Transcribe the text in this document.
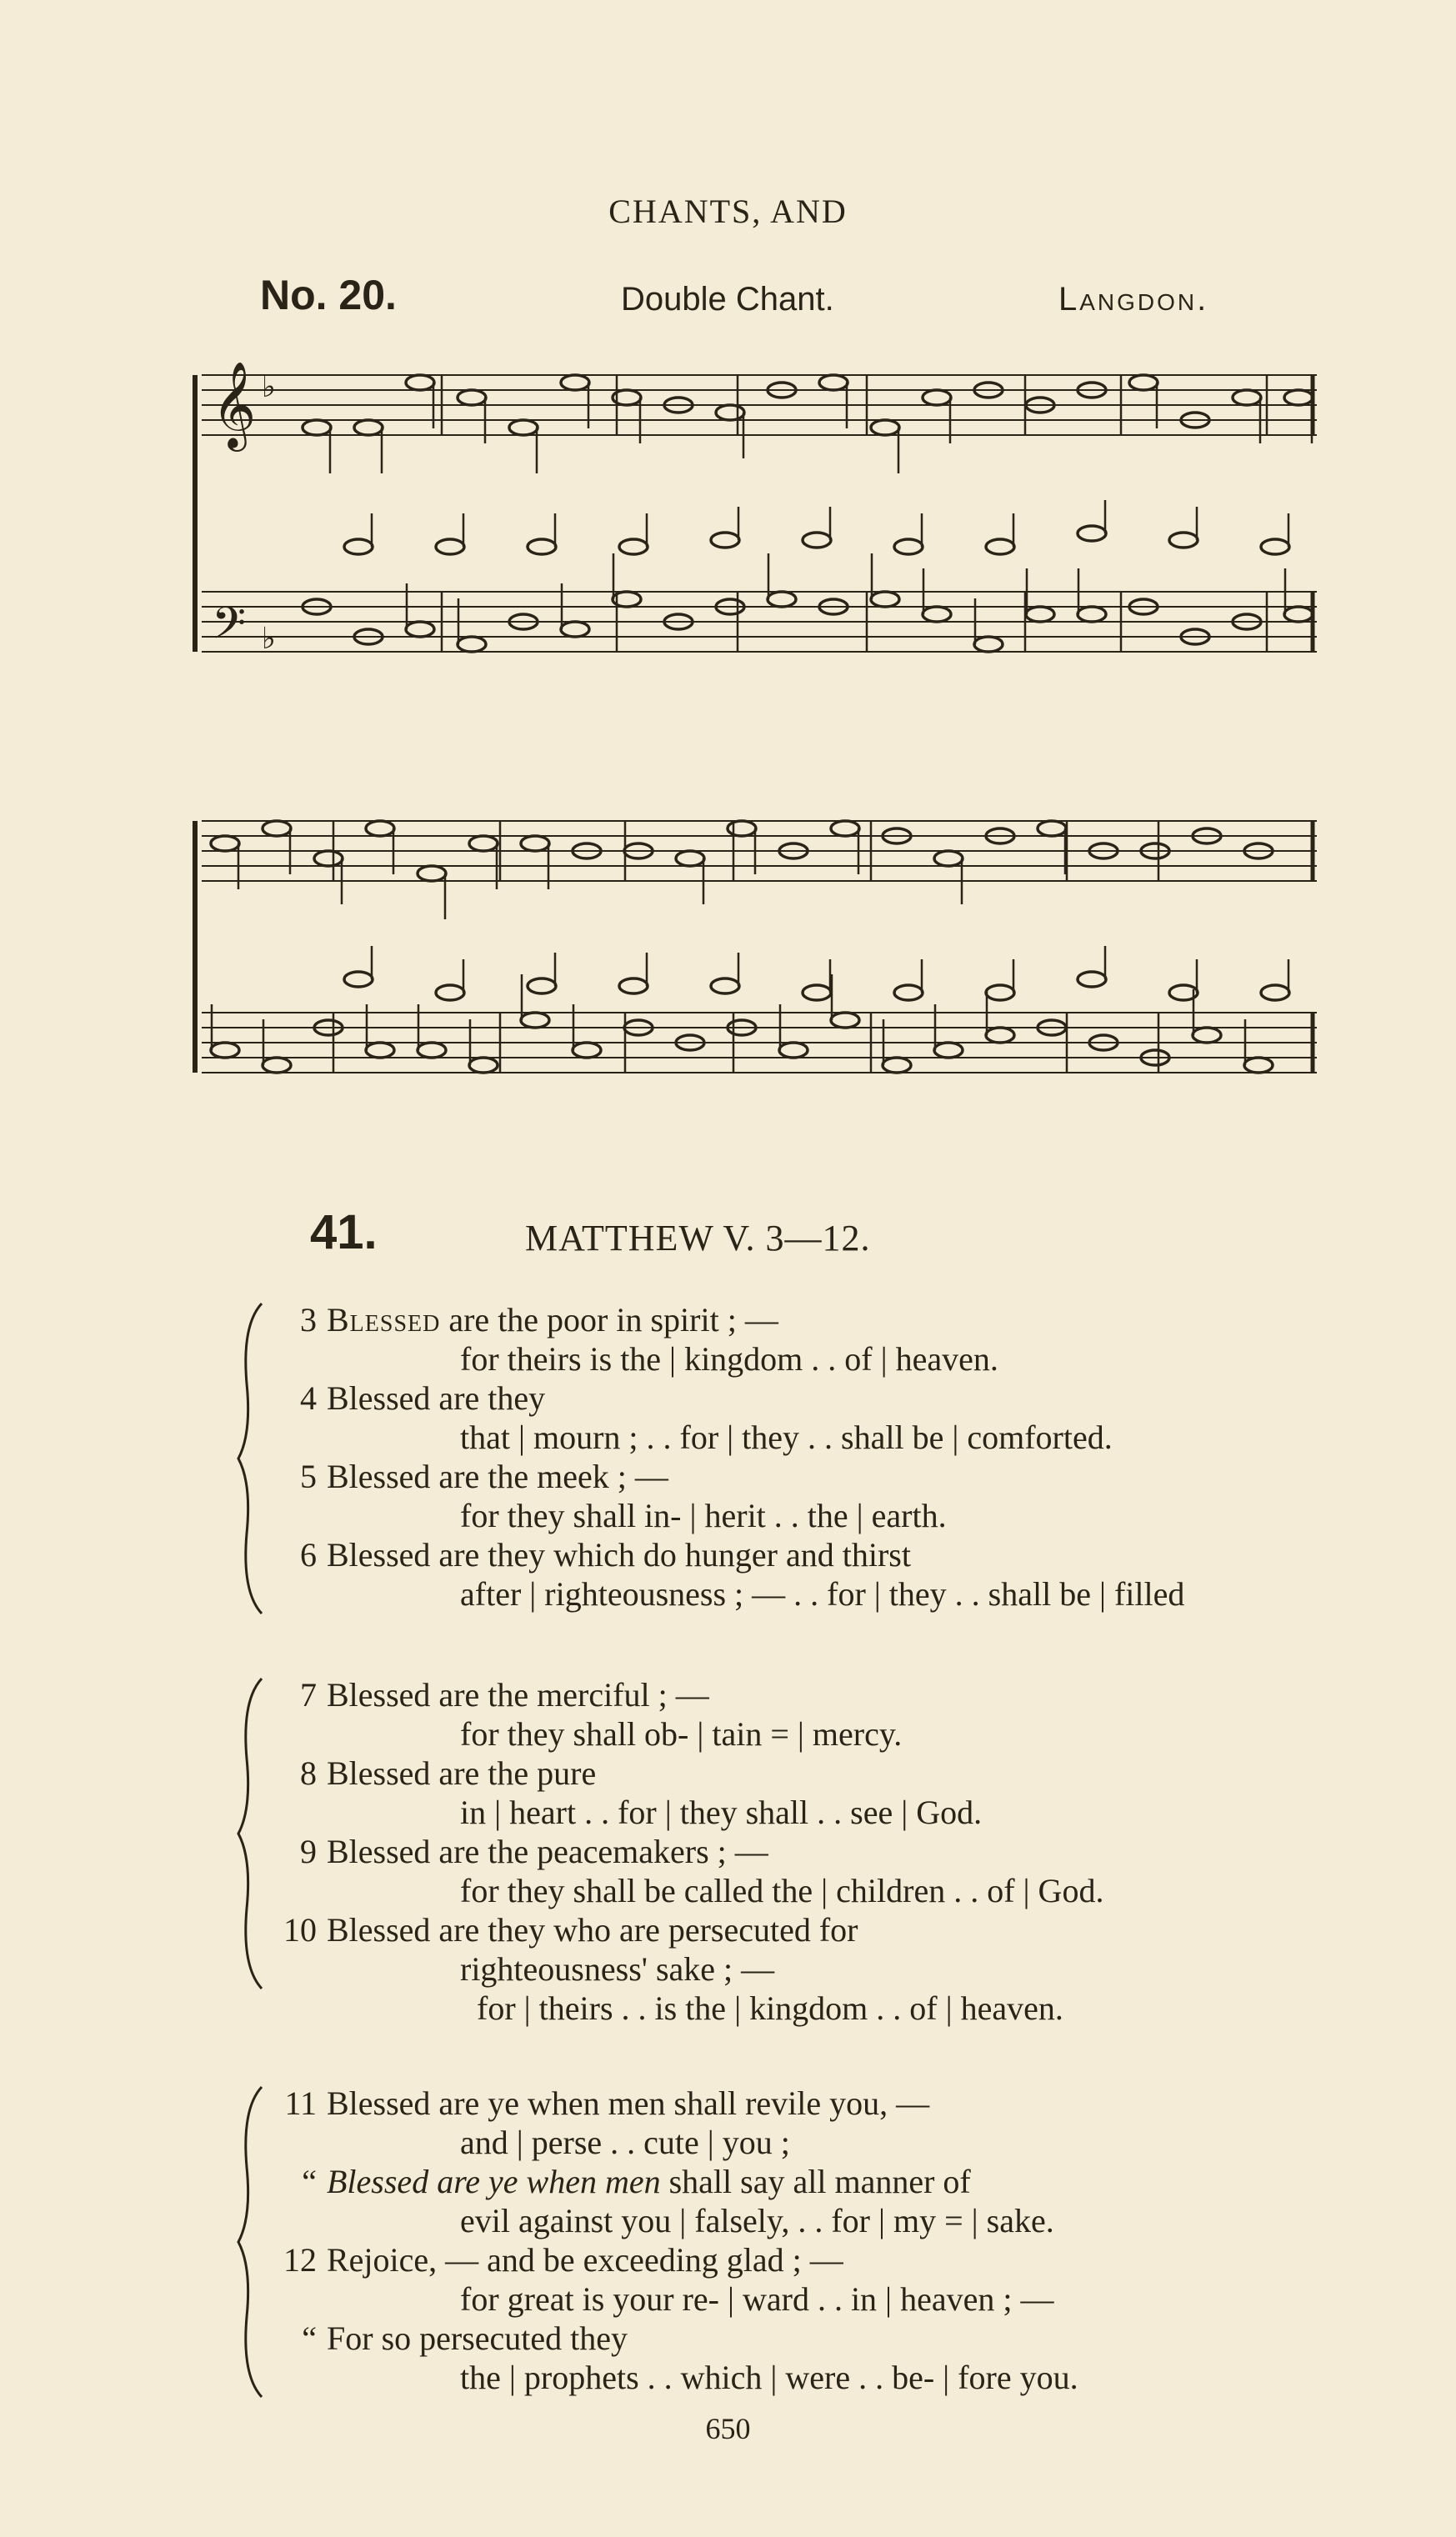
CHANTS, AND
No. 20.	Double Chant.	Langdon.
𝄞 ♭
𝄢 ♭
41.	MATTHEW V. 3—12.
3 Blessed are the poor in spirit ; —
for theirs is the | kingdom . . of | heaven.
4 Blessed are they
that | mourn ; . . for | they . . shall be | comforted.
5 Blessed are the meek ; —
for they shall in- | herit . . the | earth.
6 Blessed are they which do hunger and thirst
after | righteousness ; — . . for | they . . shall be | filled
7 Blessed are the merciful ; —
for they shall ob- | tain = | mercy.
8 Blessed are the pure
in | heart . . for | they shall . . see | God.
9 Blessed are the peacemakers ; —
for they shall be called the | children . . of | God.
10 Blessed are they who are persecuted for
righteousness' sake ; —
for | theirs . . is the | kingdom . . of | heaven.
11 Blessed are ye when men shall revile you, —
and | perse . . cute | you ;
“ Blessed are ye when men shall say all manner of
evil against you | falsely, . . for | my = | sake.
12 Rejoice, — and be exceeding glad ; —
for great is your re- | ward . . in | heaven ; —
“ For so persecuted they
the | prophets . . which | were . . be- | fore you.
650
